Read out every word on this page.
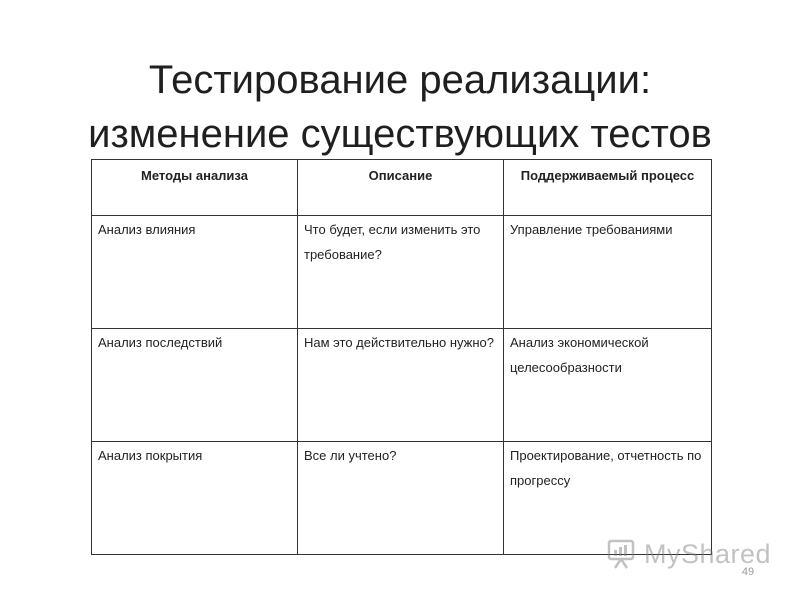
Тестирование реализации:
изменение существующих тестов
Методы анализа	Описание	Поддерживаемый процесс
Анализ влияния	Что будет, если изменить это требование?	Управление требованиями
Анализ последствий	Нам это действительно нужно?	Анализ экономической целесообразности
Анализ покрытия	Все ли учтено?	Проектирование, отчетность по прогрессу
MyShared
49
